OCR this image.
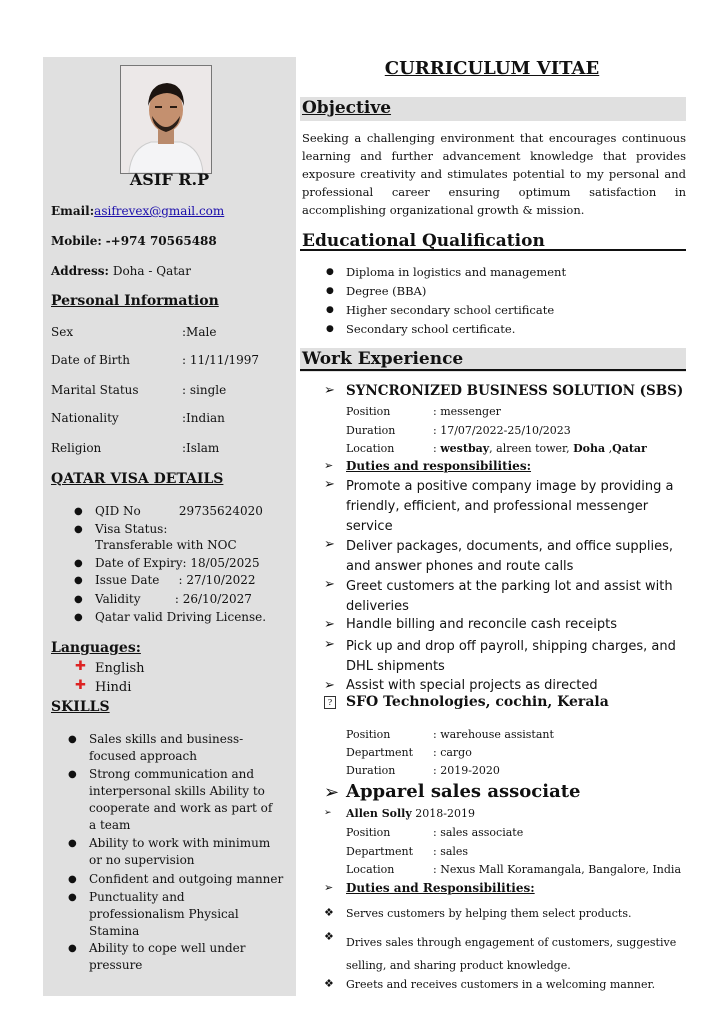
ASIF R.P
Email:asifrevex@gmail.com
Mobile: -+974 70565488
Address: Doha - Qatar
Personal Information
Sex	:Male
Date of Birth	: 11/11/1997
Marital Status	: single
Nationality	:Indian
Religion	:Islam
QATAR VISA DETAILS
● QID No          29735624020
● Visa Status:
Transferable with NOC
● Date of Expiry: 18/05/2025
● Issue Date     : 27/10/2022
● Validity         : 26/10/2027
● Qatar valid Driving License.
Languages:
✚ English
✚ Hindi
SKILLS
● Sales skills and business-focused approach
● Strong communication and interpersonal skills Ability to cooperate and work as part of a team
● Ability to work with minimum or no supervision
● Confident and outgoing manner
● Punctuality and professionalism Physical Stamina
● Ability to cope well under pressure
CURRICULUM VITAE
Objective
Seeking a challenging environment that encourages continuous learning and further advancement knowledge that provides exposure creativity and stimulates potential to my personal and professional career ensuring optimum satisfaction in accomplishing organizational growth & mission.
Educational Qualification
● Diploma in logistics and management
● Degree (BBA)
● Higher secondary school certificate
● Secondary school certificate.
Work Experience
➢ SYNCRONIZED BUSINESS SOLUTION (SBS)
Position	: messenger
Duration	: 17/07/2022-25/10/2023
Location	: westbay, alreen tower, Doha ,Qatar
➢ Duties and responsibilities:
➢ Promote a positive company image by providing a friendly, efficient, and professional messenger service
➢ Deliver packages, documents, and office supplies, and answer phones and route calls
➢ Greet customers at the parking lot and assist with deliveries
➢ Handle billing and reconcile cash receipts
➢ Pick up and drop off payroll, shipping charges, and DHL shipments
➢ Assist with special projects as directed
? SFO Technologies, cochin, Kerala
Position	: warehouse assistant
Department : cargo
Duration	: 2019-2020
➢ Apparel sales associate
➢ Allen Solly 2018-2019
Position	: sales associate
Department : sales
Location	: Nexus Mall Koramangala, Bangalore, India
➢ Duties and Responsibilities:
❖ Serves customers by helping them select products.
❖ Drives sales through engagement of customers, suggestive selling, and sharing product knowledge.
❖ Greets and receives customers in a welcoming manner.
